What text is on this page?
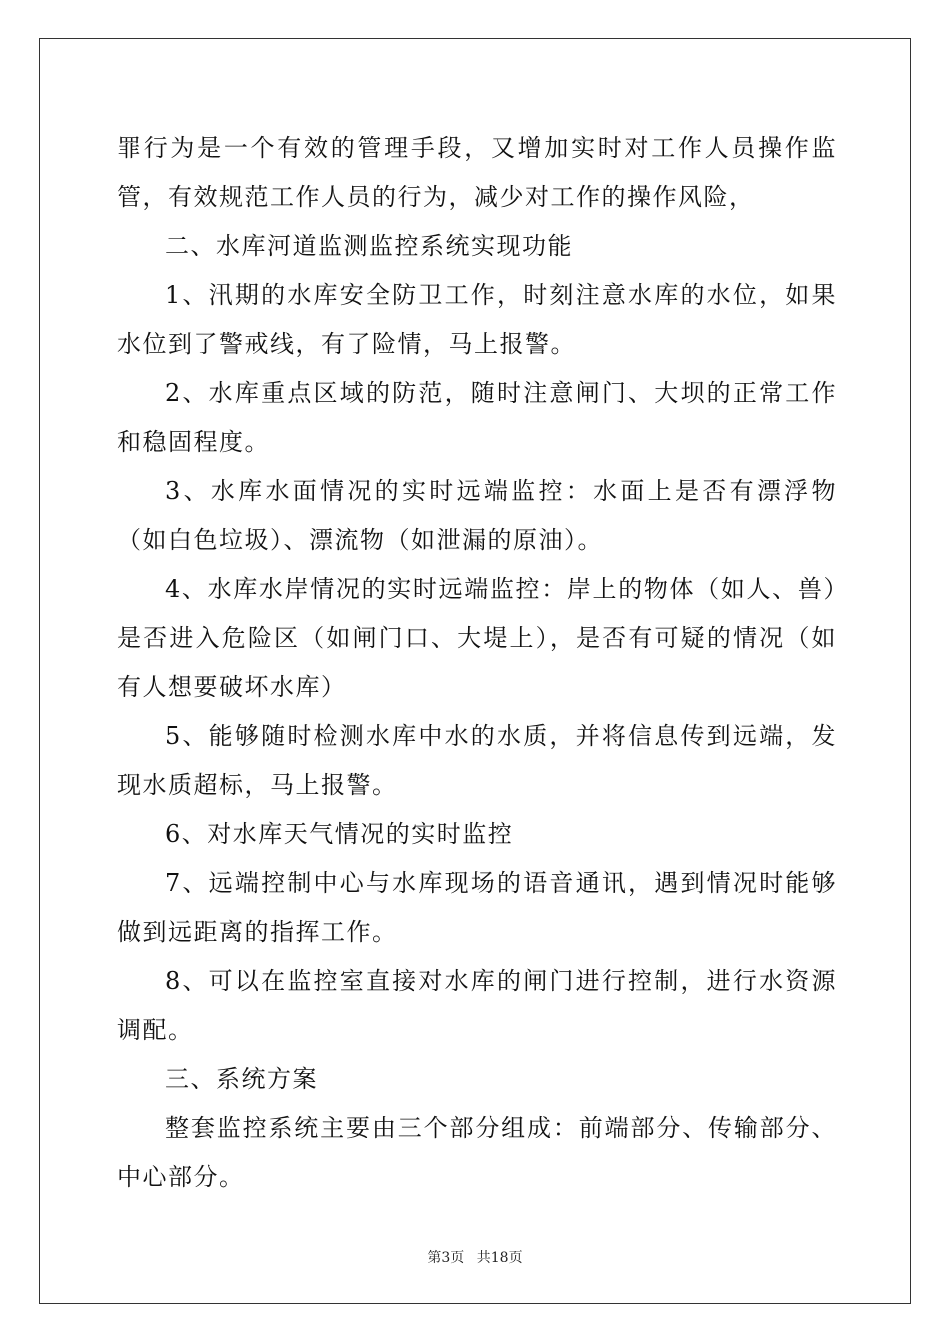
罪行为是一个有效的管理手段，又增加实时对工作人员操作监管，有效规范工作人员的行为，减少对工作的操作风险，

二、水库河道监测监控系统实现功能

1、汛期的水库安全防卫工作，时刻注意水库的水位，如果水位到了警戒线，有了险情，马上报警。

2、水库重点区域的防范，随时注意闸门、大坝的正常工作和稳固程度。

3、水库水面情况的实时远端监控：水面上是否有漂浮物（如白色垃圾）、漂流物（如泄漏的原油）。

4、水库水岸情况的实时远端监控：岸上的物体（如人、兽）是否进入危险区（如闸门口、大堤上），是否有可疑的情况（如有人想要破坏水库）

5、能够随时检测水库中水的水质，并将信息传到远端，发现水质超标，马上报警。

6、对水库天气情况的实时监控

7、远端控制中心与水库现场的语音通讯，遇到情况时能够做到远距离的指挥工作。

8、可以在监控室直接对水库的闸门进行控制，进行水资源调配。

三、系统方案

整套监控系统主要由三个部分组成：前端部分、传输部分、中心部分。

第3页 共18页
